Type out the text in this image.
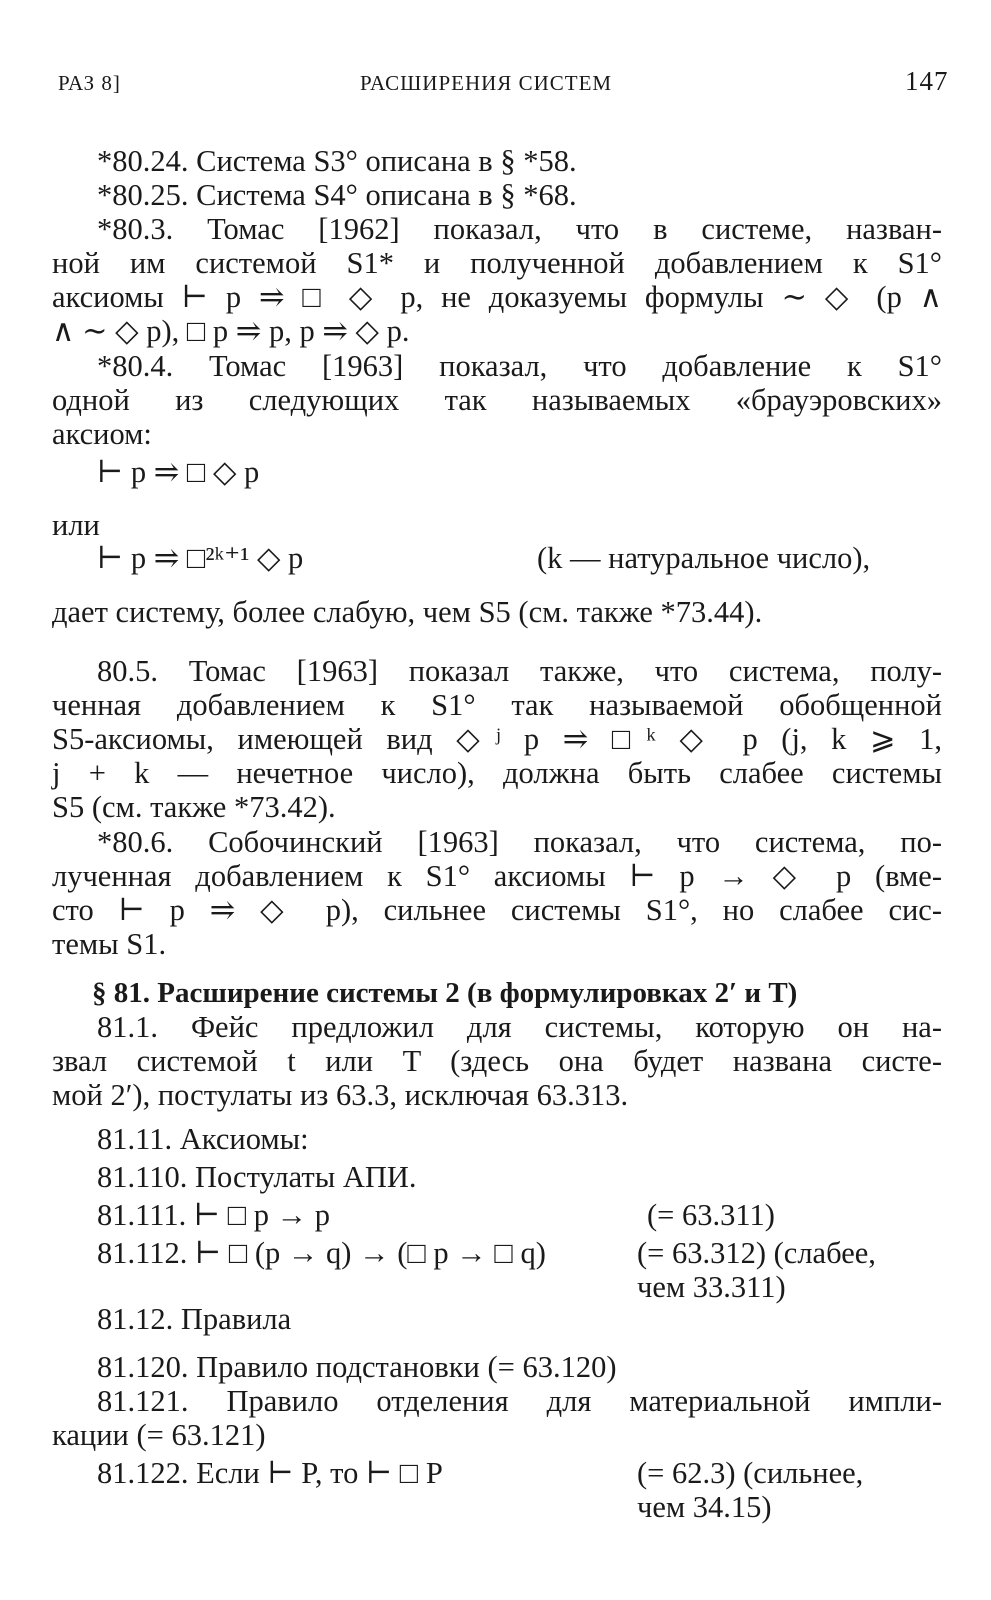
РАЗ 8]	РАСШИРЕНИЯ СИСТЕМ	147
*80.24. Система S3° описана в § *58.
*80.25. Система S4° описана в § *68.
*80.3. Томас [1962] показал, что в системе, назван-
ной им системой S1* и полученной добавлением к S1°
аксиомы ⊢ p ⥤ □ ◇ p, не доказуемы формулы ∼ ◇ (p ∧
∧ ∼ ◇ p), □ p ⥤ p, p ⥤ ◇ p.
*80.4. Томас [1963] показал, что добавление к S1°
одной из следующих так называемых «брауэровских»
аксиом:
⊢ p ⥤ □ ◇ p
или
⊢ p ⥤ □²ᵏ⁺¹ ◇ p	(k — натуральное число),
дает систему, более слабую, чем S5 (см. также *73.44).
80.5. Томас [1963] показал также, что система, полу-
ченная добавлением к S1° так называемой обобщенной
S5-аксиомы, имеющей вид ◇ʲ p ⥤ □ᵏ ◇ p (j, k ⩾ 1,
j + k — нечетное число), должна быть слабее системы
S5 (см. также *73.42).
*80.6. Собочинский [1963] показал, что система, по-
лученная добавлением к S1° аксиомы ⊢ p → ◇ p (вме-
сто ⊢ p ⥤ ◇ p), сильнее системы S1°, но слабее сис-
темы S1.
§ 81. Расширение системы 2 (в формулировках 2′ и T)
81.1. Фейс предложил для системы, которую он на-
звал системой t или T (здесь она будет названа систе-
мой 2′), постулаты из 63.3, исключая 63.313.
81.11. Аксиомы:
81.110. Постулаты АПИ.
81.111. ⊢ □ p → p	(= 63.311)
81.112. ⊢ □ (p → q) → (□ p → □ q)	(= 63.312) (слабее,
чем 33.311)
81.12. Правила
81.120. Правило подстановки (= 63.120)
81.121. Правило отделения для материальной импли-
кации (= 63.121)
81.122. Если ⊢ P, то ⊢ □ P	(= 62.3) (сильнее,
чем 34.15)
